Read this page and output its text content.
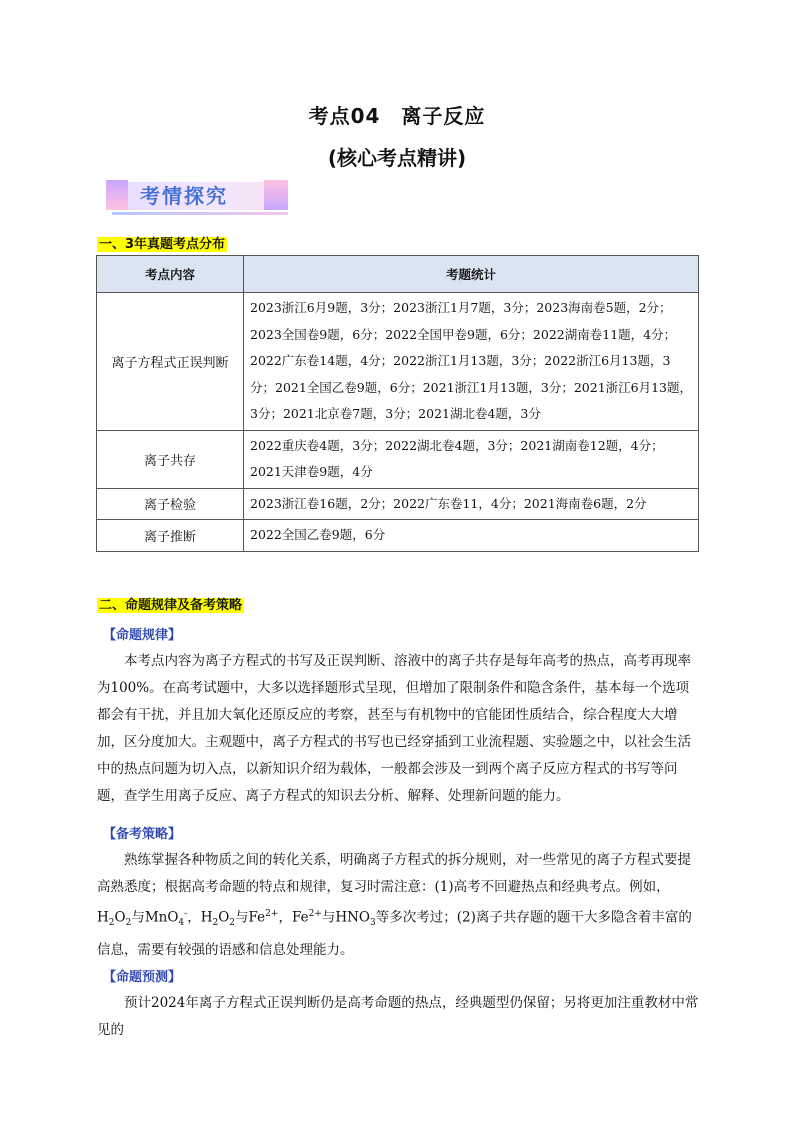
考点04　离子反应
(核心考点精讲)
考情探究
一、3年真题考点分布
考点内容	考题统计
离子方程式正误判断	2023浙江6月9题，3分；2023浙江1月7题，3分；2023海南卷5题，2分；2023全国卷9题，6分；2022全国甲卷9题，6分；2022湖南卷11题，4分；2022广东卷14题，4分；2022浙江1月13题，3分；2022浙江6月13题，3分；2021全国乙卷9题，6分；2021浙江1月13题，3分；2021浙江6月13题，3分；2021北京卷7题，3分；2021湖北卷4题，3分
离子共存	2022重庆卷4题，3分；2022湖北卷4题，3分；2021湖南卷12题，4分；2021天津卷9题，4分
离子检验	2023浙江卷16题，2分；2022广东卷11，4分；2021海南卷6题，2分
离子推断	2022全国乙卷9题，6分
二、命题规律及备考策略
【命题规律】

本考点内容为离子方程式的书写及正误判断、溶液中的离子共存是每年高考的热点，高考再现率为100%。在高考试题中，大多以选择题形式呈现，但增加了限制条件和隐含条件，基本每一个选项都会有干扰，并且加大氧化还原反应的考察，甚至与有机物中的官能团性质结合，综合程度大大增加，区分度加大。主观题中，离子方程式的书写也已经穿插到工业流程题、实验题之中，以社会生活中的热点问题为切入点，以新知识介绍为载体，一般都会涉及一到两个离子反应方程式的书写等问题，查学生用离子反应、离子方程式的知识去分析、解释、处理新问题的能力。

【备考策略】

熟练掌握各种物质之间的转化关系，明确离子方程式的拆分规则，对一些常见的离子方程式要提高熟悉度；根据高考命题的特点和规律，复习时需注意：(1)高考不回避热点和经典考点。例如，$H_2O_2$与MnO$_4$-，$H_2O_2$与$Fe^{2+}$，$Fe^{2+}$与$HNO_3$等多次考过；(2)离子共存题的题干大多隐含着丰富的信息，需要有较强的语感和信息处理能力。

【命题预测】

预计2024年离子方程式正误判断仍是高考命题的热点，经典题型仍保留；另将更加注重教材中常见的
